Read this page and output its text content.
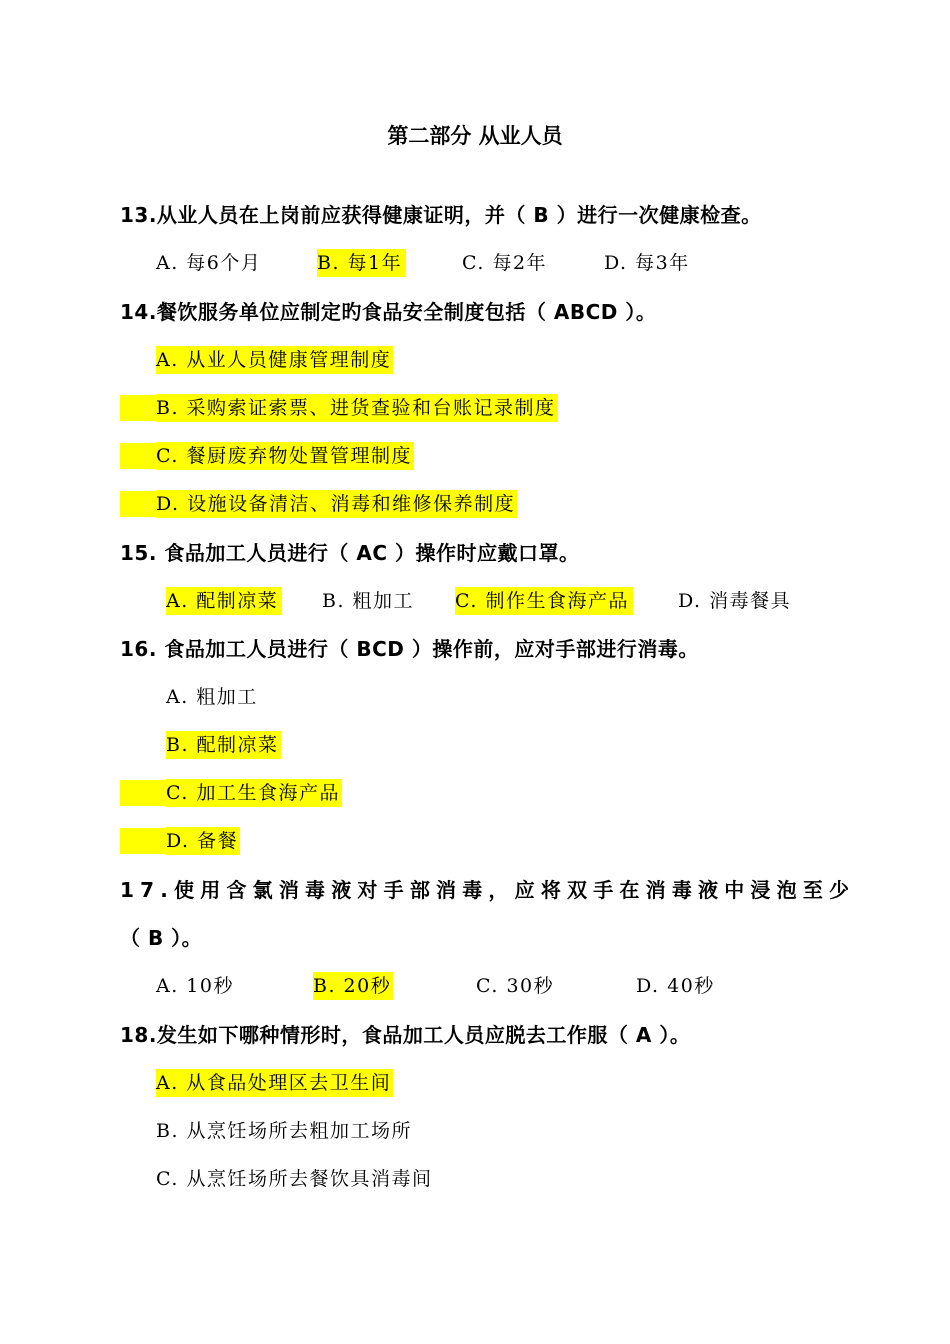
第二部分 从业人员
13.从业人员在上岗前应获得健康证明，并（ B ）进行一次健康检查。
A. 每6个月	B. 每1年	C. 每2年	D. 每3年
14.餐饮服务单位应制定旳食品安全制度包括（ ABCD ）。
A. 从业人员健康管理制度
B. 采购索证索票、进货查验和台账记录制度
C. 餐厨废弃物处置管理制度
D. 设施设备清洁、消毒和维修保养制度
15. 食品加工人员进行（ AC ）操作时应戴口罩。
A. 配制凉菜 B. 粗加工 C. 制作生食海产品	D. 消毒餐具
16. 食品加工人员进行（ BCD ）操作前，应对手部进行消毒。
A. 粗加工
B. 配制凉菜
C. 加工生食海产品
D. 备餐
17.使用含氯消毒液对手部消毒，应将双手在消毒液中浸泡至少
（ B ）。
A. 10秒	B. 20秒	C. 30秒	D. 40秒
18.发生如下哪种情形时，食品加工人员应脱去工作服（ A ）。
A. 从食品处理区去卫生间
B. 从烹饪场所去粗加工场所
C. 从烹饪场所去餐饮具消毒间
